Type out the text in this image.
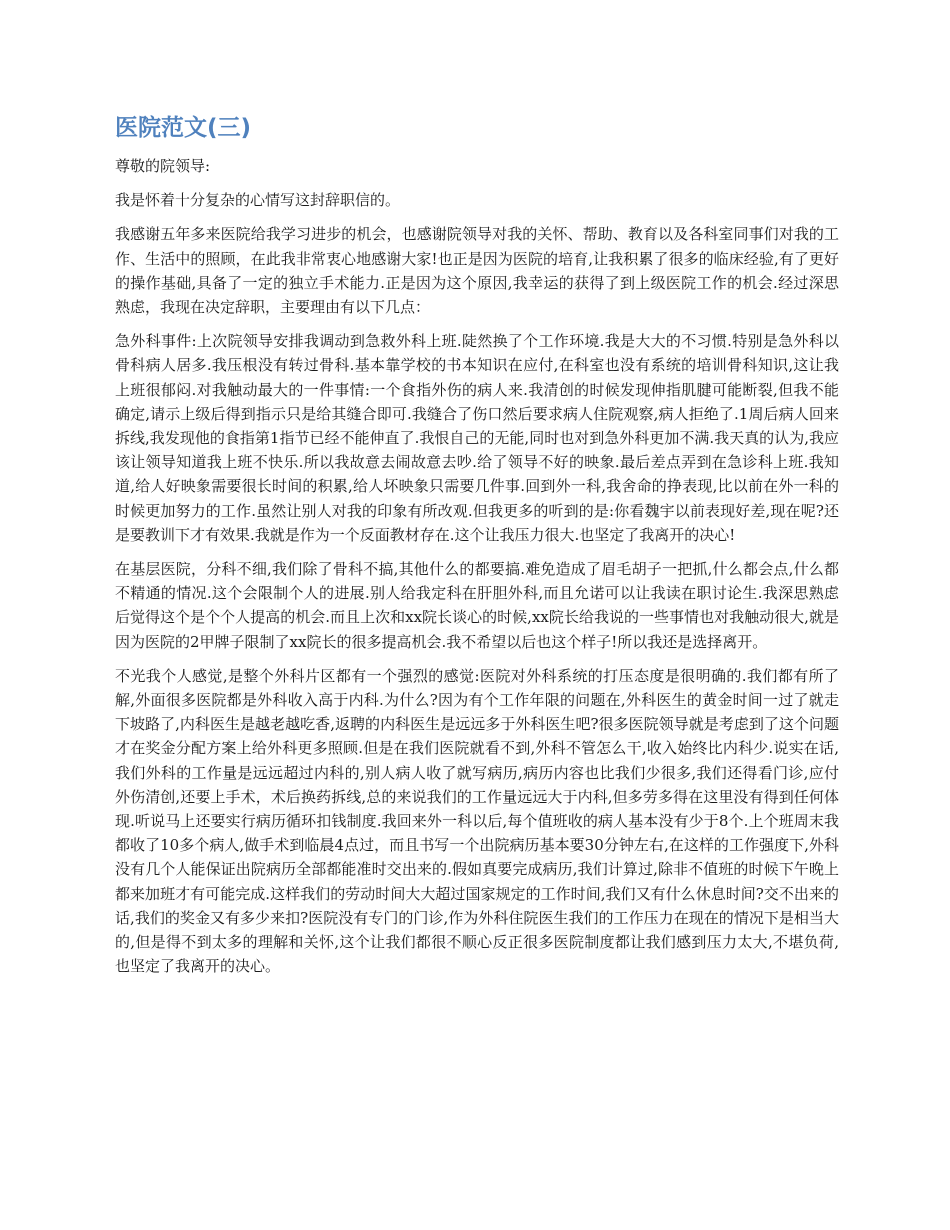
医院范文(三)

尊敬的院领导:

我是怀着十分复杂的心情写这封辞职信的。

我感谢五年多来医院给我学习进步的机会，也感谢院领导对我的关怀、帮助、教育以及各科室同事们对我的工作、生活中的照顾，在此我非常衷心地感谢大家!也正是因为医院的培育,让我积累了很多的临床经验,有了更好的操作基础,具备了一定的独立手术能力.正是因为这个原因,我幸运的获得了到上级医院工作的机会.经过深思熟虑，我现在决定辞职，主要理由有以下几点：

急外科事件:上次院领导安排我调动到急救外科上班.陡然换了个工作环境.我是大大的不习惯.特别是急外科以骨科病人居多.我压根没有转过骨科.基本靠学校的书本知识在应付,在科室也没有系统的培训骨科知识,这让我上班很郁闷.对我触动最大的一件事情:一个食指外伤的病人来.我清创的时候发现伸指肌腱可能断裂,但我不能确定,请示上级后得到指示只是给其缝合即可.我缝合了伤口然后要求病人住院观察,病人拒绝了.1周后病人回来拆线,我发现他的食指第1指节已经不能伸直了.我恨自己的无能,同时也对到急外科更加不满.我天真的认为,我应该让领导知道我上班不快乐.所以我故意去闹故意去吵.给了领导不好的映象.最后差点弄到在急诊科上班.我知道,给人好映象需要很长时间的积累,给人坏映象只需要几件事.回到外一科,我舍命的挣表现,比以前在外一科的时候更加努力的工作.虽然让别人对我的印象有所改观.但我更多的听到的是:你看魏宇以前表现好差,现在呢?还是要教训下才有效果.我就是作为一个反面教材存在.这个让我压力很大.也坚定了我离开的决心!

在基层医院，分科不细,我们除了骨科不搞,其他什么的都要搞.难免造成了眉毛胡子一把抓,什么都会点,什么都不精通的情况.这个会限制个人的进展.别人给我定科在肝胆外科,而且允诺可以让我读在职讨论生.我深思熟虑后觉得这个是个个人提高的机会.而且上次和xx院长谈心的时候,xx院长给我说的一些事情也对我触动很大,就是因为医院的2甲牌子限制了xx院长的很多提高机会.我不希望以后也这个样子!所以我还是选择离开。

不光我个人感觉,是整个外科片区都有一个强烈的感觉:医院对外科系统的打压态度是很明确的.我们都有所了解,外面很多医院都是外科收入高于内科.为什么?因为有个工作年限的问题在,外科医生的黄金时间一过了就走下坡路了,内科医生是越老越吃香,返聘的内科医生是远远多于外科医生吧?很多医院领导就是考虑到了这个问题才在奖金分配方案上给外科更多照顾.但是在我们医院就看不到,外科不管怎么干,收入始终比内科少.说实在话,我们外科的工作量是远远超过内科的,别人病人收了就写病历,病历内容也比我们少很多,我们还得看门诊,应付外伤清创,还要上手术，术后换药拆线,总的来说我们的工作量远远大于内科,但多劳多得在这里没有得到任何体现.听说马上还要实行病历循环扣钱制度.我回来外一科以后,每个值班收的病人基本没有少于8个.上个班周末我都收了10多个病人,做手术到临晨4点过，而且书写一个出院病历基本要30分钟左右,在这样的工作强度下,外科没有几个人能保证出院病历全部都能准时交出来的.假如真要完成病历,我们计算过,除非不值班的时候下午晚上都来加班才有可能完成.这样我们的劳动时间大大超过国家规定的工作时间,我们又有什么休息时间?交不出来的话,我们的奖金又有多少来扣?医院没有专门的门诊,作为外科住院医生我们的工作压力在现在的情况下是相当大的,但是得不到太多的理解和关怀,这个让我们都很不顺心反正很多医院制度都让我们感到压力太大,不堪负荷,也坚定了我离开的决心。
